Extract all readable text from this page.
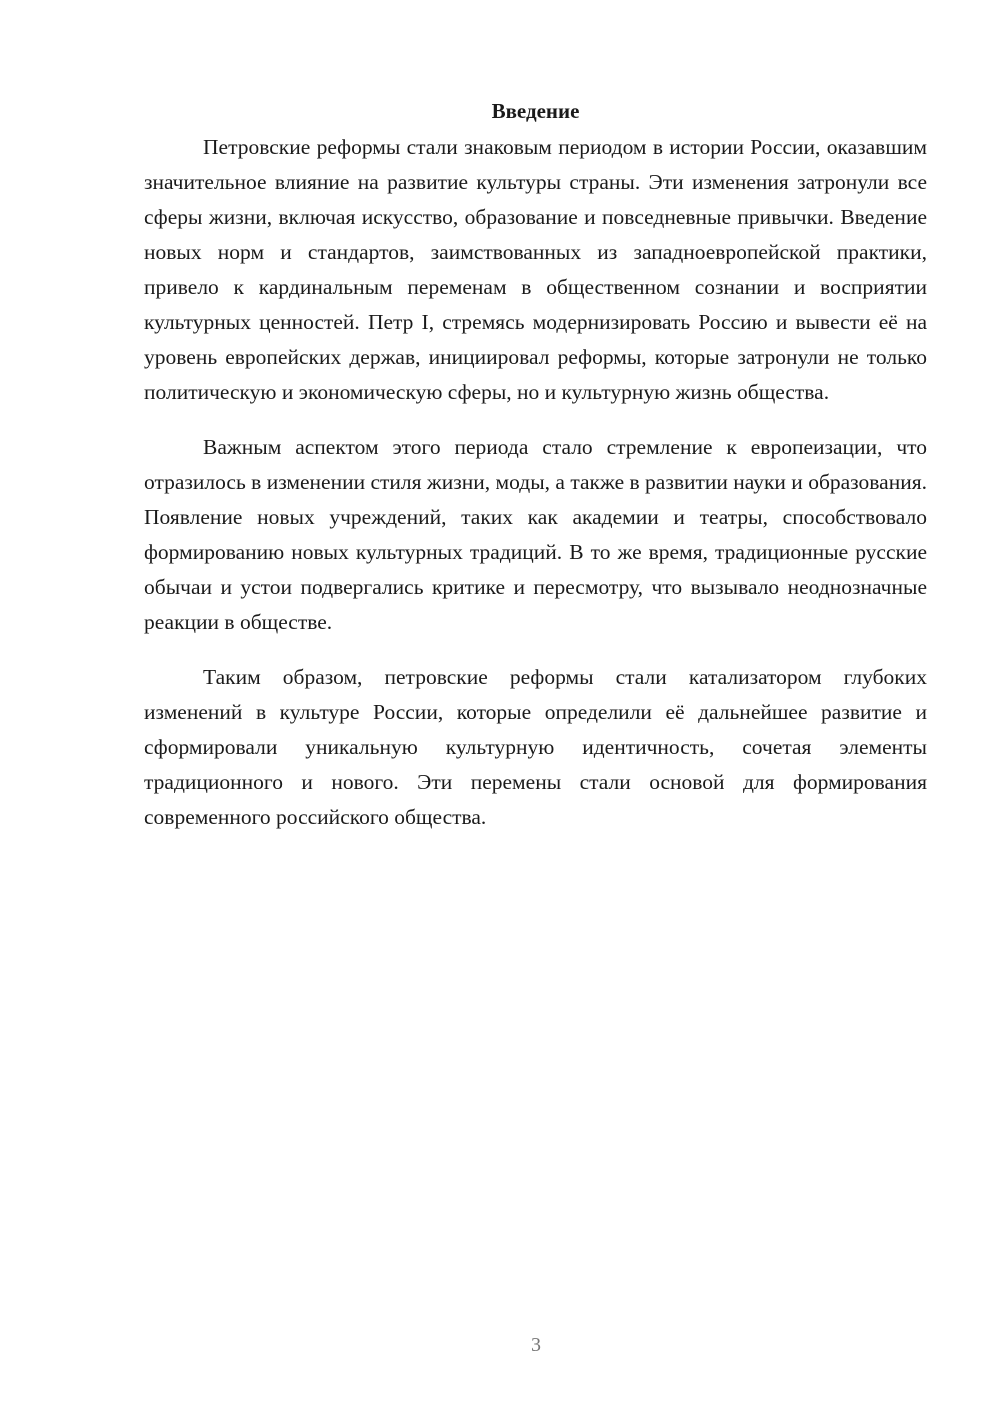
Введение

Петровские реформы стали знаковым периодом в истории России, оказавшим значительное влияние на развитие культуры страны. Эти изменения затронули все сферы жизни, включая искусство, образование и повседневные привычки. Введение новых норм и стандартов, заимствованных из западноевропейской практики, привело к кардинальным переменам в общественном сознании и восприятии культурных ценностей. Петр I, стремясь модернизировать Россию и вывести её на уровень европейских держав, инициировал реформы, которые затронули не только политическую и экономическую сферы, но и культурную жизнь общества.

Важным аспектом этого периода стало стремление к европеизации, что отразилось в изменении стиля жизни, моды, а также в развитии науки и образования. Появление новых учреждений, таких как академии и театры, способствовало формированию новых культурных традиций. В то же время, традиционные русские обычаи и устои подвергались критике и пересмотру, что вызывало неоднозначные реакции в обществе.

Таким образом, петровские реформы стали катализатором глубоких изменений в культуре России, которые определили её дальнейшее развитие и сформировали уникальную культурную идентичность, сочетая элементы традиционного и нового. Эти перемены стали основой для формирования современного российского общества.

3
